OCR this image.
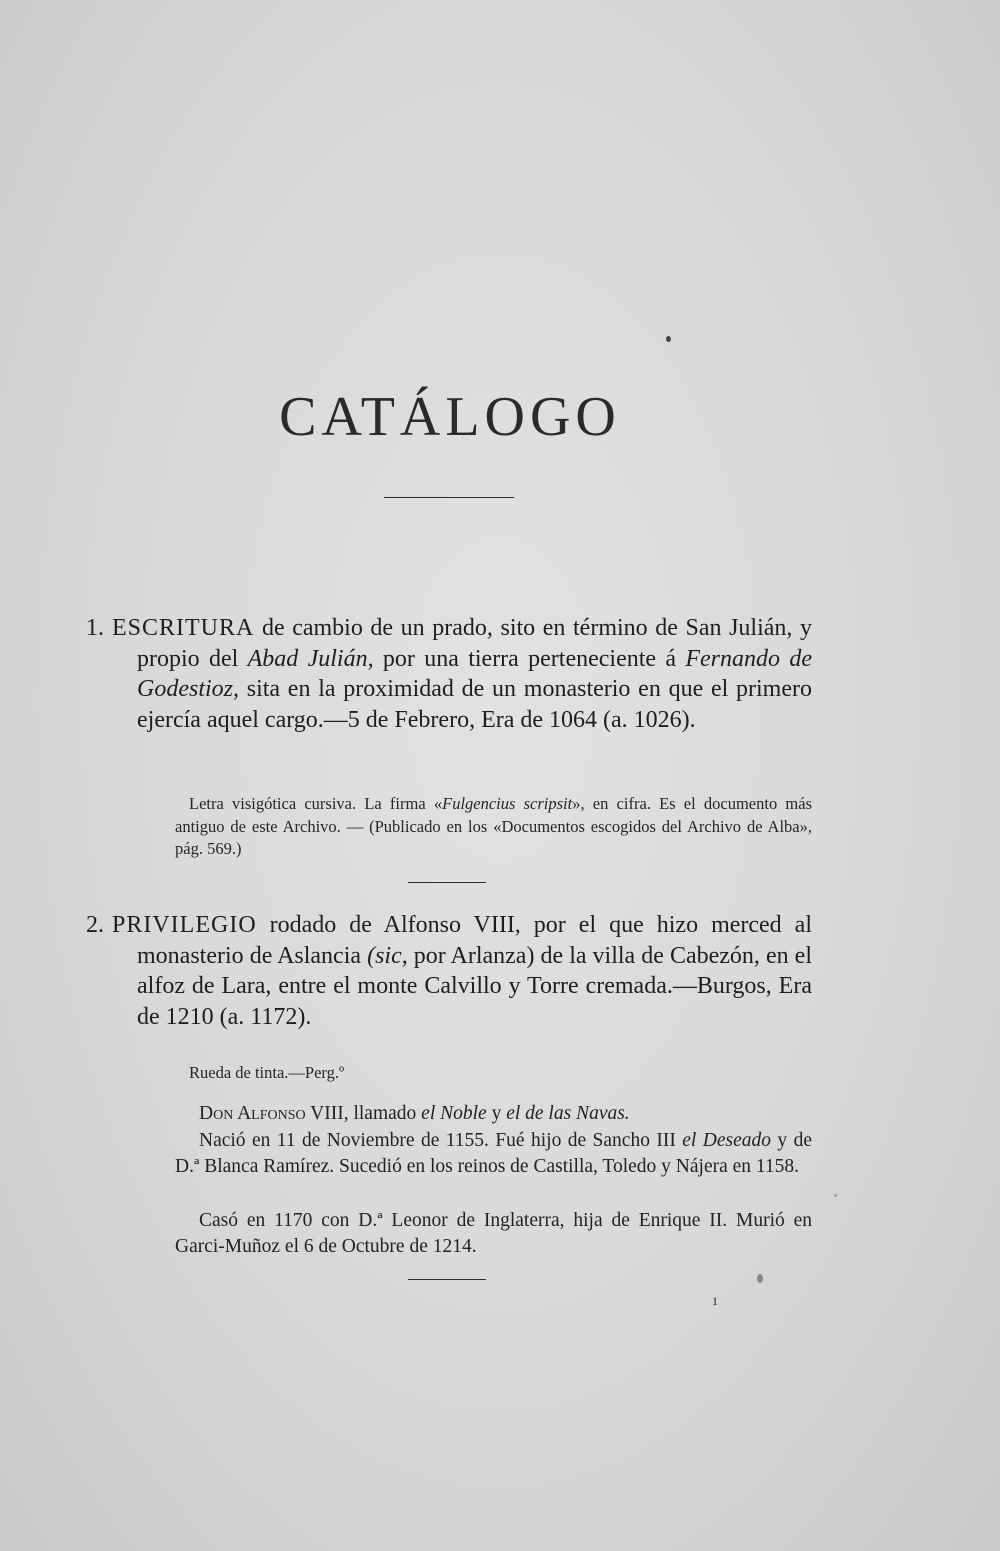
CATÁLOGO

1. ESCRITURA de cambio de un prado, sito en término de San Julián, y propio del Abad Julián, por una tierra perteneciente á Fernando de Godestioz, sita en la proximidad de un monasterio en que el primero ejercía aquel cargo.—5 de Febrero, Era de 1064 (a. 1026).

Letra visigótica cursiva. La firma «Fulgencius scripsit», en cifra. Es el documento más antiguo de este Archivo. — (Publicado en los «Documentos escogidos del Archivo de Alba», pág. 569.)

2. PRIVILEGIO rodado de Alfonso VIII, por el que hizo merced al monasterio de Aslancia (sic, por Arlanza) de la villa de Cabezón, en el alfoz de Lara, entre el monte Calvillo y Torre cremada.—Burgos, Era de 1210 (a. 1172).

Rueda de tinta.—Perg.º

Don Alfonso VIII, llamado el Noble y el de las Navas.

Nació en 11 de Noviembre de 1155. Fué hijo de Sancho III el Deseado y de D.ª Blanca Ramírez. Sucedió en los reinos de Castilla, Toledo y Nájera en 1158.

Casó en 1170 con D.ª Leonor de Inglaterra, hija de Enrique II. Murió en Garci-Muñoz el 6 de Octubre de 1214.

1
